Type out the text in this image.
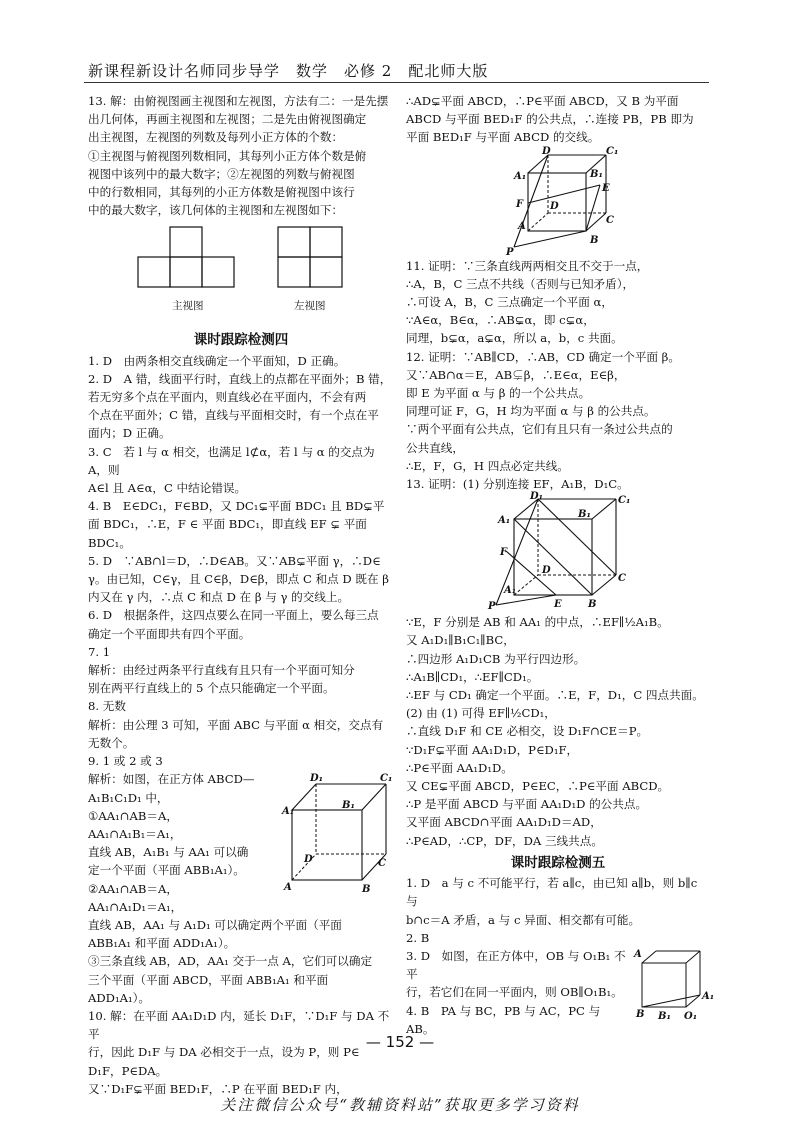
新课程新设计名师同步导学　数学　必修 2　配北师大版
13. 解：由俯视图画主视图和左视图，方法有二：一是先摆
出几何体，再画主视图和左视图；二是先由俯视图确定
出主视图，左视图的列数及每列小正方体的个数：
①主视图与俯视图列数相同，其每列小正方体个数是俯
视图中该列中的最大数字；②左视图的列数与俯视图
中的行数相同，其每列的小正方体数是俯视图中该行
中的最大数字，该几何体的主视图和左视图如下：
主视图	左视图
课时跟踪检测四
1. D　由两条相交直线确定一个平面知，D 正确。
2. D　A 错，线面平行时，直线上的点都在平面外；B 错，
若无穷多个点在平面内，则直线必在平面内，不会有两
个点在平面外；C 错，直线与平面相交时，有一个点在平
面内；D 正确。
3. C　若 l 与 α 相交，也满足 l⊄α，若 l 与 α 的交点为 A，则
A∈l 且 A∈α，C 中结论错误。
4. B　E∈DC₁，F∈BD，又 DC₁⊊平面 BDC₁ 且 BD⊊平
面 BDC₁，∴E，F ∈ 平面 BDC₁，即直线 EF ⊊ 平面
BDC₁。
5. D　∵AB∩l＝D，∴D∈AB。又∵AB⊊平面 γ，∴D∈
γ。由已知，C∈γ，且 C∈β，D∈β，即点 C 和点 D 既在 β
内又在 γ 内，∴点 C 和点 D 在 β 与 γ 的交线上。
6. D　根据条件，这四点要么在同一平面上，要么每三点
确定一个平面即共有四个平面。
7. 1
解析：由经过两条平行直线有且只有一个平面可知分
别在两平行直线上的 5 个点只能确定一个平面。
8. 无数
解析：由公理 3 可知，平面 ABC 与平面 α 相交，交点有
无数个。
9. 1 或 2 或 3
解析：如图，在正方体 ABCD—
A₁B₁C₁D₁ 中，
①AA₁∩AB＝A，
AA₁∩A₁B₁＝A₁，
直线 AB，A₁B₁ 与 AA₁ 可以确
定一个平面（平面 ABB₁A₁）。
②AA₁∩AB＝A，
AA₁∩A₁D₁＝A₁，
D₁	C₁
A₁
B₁
D	C
A	B
直线 AB，AA₁ 与 A₁D₁ 可以确定两个平面（平面
ABB₁A₁ 和平面 ADD₁A₁）。
③三条直线 AB，AD，AA₁ 交于一点 A，它们可以确定
三个平面（平面 ABCD，平面 ABB₁A₁ 和平面
ADD₁A₁）。
10. 解：在平面 AA₁D₁D 内，延长 D₁F，∵D₁F 与 DA 不平
行，因此 D₁F 与 DA 必相交于一点，设为 P，则 P∈
D₁F，P∈DA。
又∵D₁F⊊平面 BED₁F，∴P 在平面 BED₁F 内，
∴AD⊊平面 ABCD，∴P∈平面 ABCD，又 B 为平面
ABCD 与平面 BED₁F 的公共点，∴连接 PB，PB 即为
平面 BED₁F 与平面 ABCD 的交线。
D	C₁
A₁	B₁
E
F	D
C
A
B
P
11. 证明：∵三条直线两两相交且不交于一点，
∴A，B，C 三点不共线（否则与已知矛盾），
∴可设 A，B，C 三点确定一个平面 α，
∵A∈α，B∈α，∴AB⊊α，即 c⊊α，
同理，b⊊α，a⊊α，所以 a，b，c 共面。
12. 证明：∵AB∥CD，∴AB，CD 确定一个平面 β。
又∵AB∩α＝E，AB⊊β，∴E∈α，E∈β，
即 E 为平面 α 与 β 的一个公共点。
同理可证 F，G，H 均为平面 α 与 β 的公共点。
∵两个平面有公共点，它们有且只有一条过公共点的
公共直线，
∴E，F，G，H 四点必定共线。
13. 证明：(1) 分别连接 EF，A₁B，D₁C。
D₁	C₁
A₁
B₁
F
D
C
A₁
E	B
P
∵E，F 分别是 AB 和 AA₁ 的中点，∴EF∥½A₁B。
又 A₁D₁∥B₁C₁∥BC，
∴四边形 A₁D₁CB 为平行四边形。
∴A₁B∥CD₁，∴EF∥CD₁。
∴EF 与 CD₁ 确定一个平面。∴E，F，D₁，C 四点共面。
(2) 由 (1) 可得 EF∥½CD₁，
∴直线 D₁F 和 CE 必相交，设 D₁F∩CE＝P。
∵D₁F⊊平面 AA₁D₁D，P∈D₁F，
∴P∈平面 AA₁D₁D。
又 CE⊊平面 ABCD，P∈EC，∴P∈平面 ABCD。
∴P 是平面 ABCD 与平面 AA₁D₁D 的公共点。
又平面 ABCD∩平面 AA₁D₁D＝AD，
∴P∈AD，∴CP，DF，DA 三线共点。
课时跟踪检测五
1. D　a 与 c 不可能平行，若 a∥c，由已知 a∥b，则 b∥c 与
b∩c＝A 矛盾，a 与 c 异面、相交都有可能。
2. B
3. D　如图，在正方体中，OB 与 O₁B₁ 不平
行，若它们在同一平面内，则 OB∥O₁B₁。
4. B　PA 与 BC，PB 与 AC，PC 与 AB。
A
A₁
B B₁ O₁
— 152 —
关注微信公众号“教辅资料站”获取更多学习资料
